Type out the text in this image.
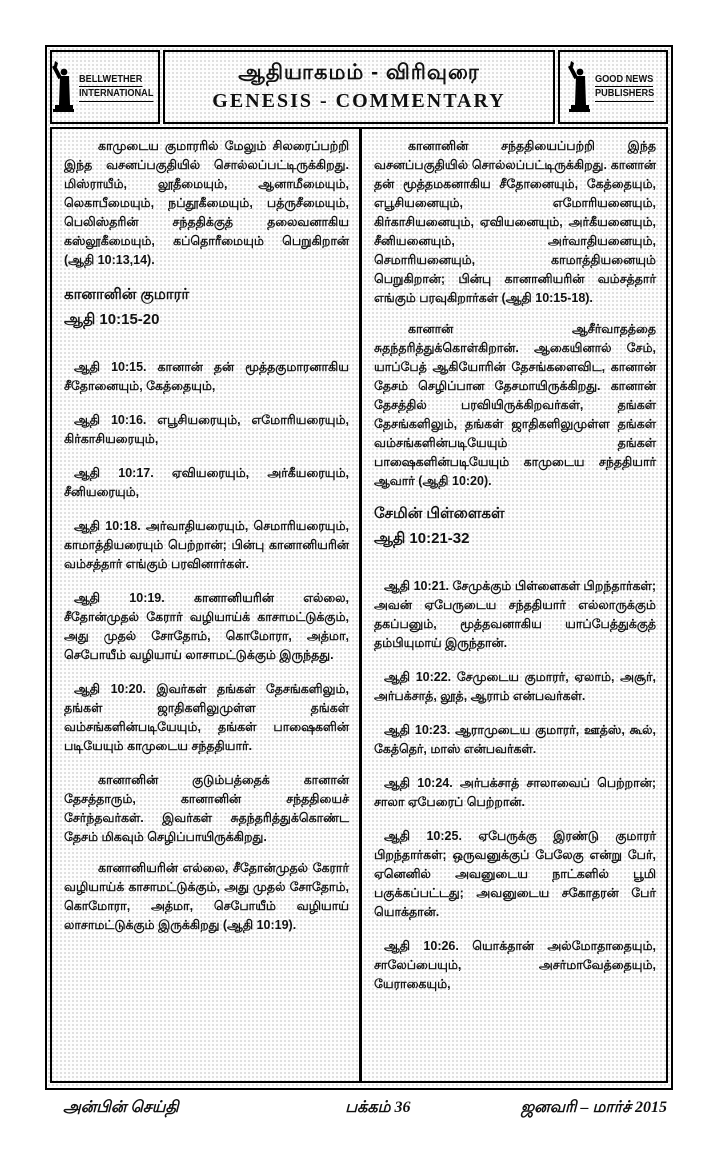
BELLWETHER
INTERNATIONAL
ஆதியாகமம் - விரிவுரை
GENESIS - COMMENTARY
GOOD NEWS
PUBLISHERS

காமுடைய குமாரரில் மேலும் சிலரைப்பற்றி இந்த வசனப்பகுதியில் சொல்லப்பட்டிருக்கிறது. மிஸ்ராயீம், லூதீமையும், ஆனாமீமையும், லெகாபீமையும், நப்தூகீமையும், பத்ருசீமையும், பெலிஸ்தரின் சந்ததிக்குத் தலைவனாகிய கஸ்லூகீமையும், கப்தொரீமையும் பெறுகிறான் (ஆதி 10:13,14).

கானானின் குமாரர்

ஆதி 10:15-20

ஆதி 10:15. கானான் தன் மூத்தகுமாரனாகிய சீதோனையும், கேத்தையும்,

ஆதி 10:16. எபூசியரையும், எமோரியரையும், கிர்காசியரையும்,

ஆதி 10:17. ஏவியரையும், அர்கீயரையும், சீனியரையும்,

ஆதி 10:18. அர்வாதியரையும், செமாரியரையும், காமாத்தியரையும் பெற்றான்; பின்பு கானானியரின் வம்சத்தார் எங்கும் பரவினார்கள்.

ஆதி 10:19. கானானியரின் எல்லை, சீதோன்முதல் கேரார் வழியாய்க் காசாமட்டுக்கும், அது முதல் சோதோம், கொமோரா, அத்மா, செபோயீம் வழியாய் லாசாமட்டுக்கும் இருந்தது.

ஆதி 10:20. இவர்கள் தங்கள் தேசங்களிலும், தங்கள் ஜாதிகளிலுமுள்ள தங்கள் வம்சங்களின்படியேயும், தங்கள் பாஷைகளின் படியேயும் காமுடைய சந்ததியார்.

கானானின் குடும்பத்தைக் கானான் தேசத்தாரும், கானானின் சந்ததியைச் சேர்ந்தவர்கள். இவர்கள் சுதந்தரித்துக்கொண்ட தேசம் மிகவும் செழிப்பாயிருக்கிறது.

கானானியரின் எல்லை, சீதோன்முதல் கேரார் வழியாய்க் காசாமட்டுக்கும், அது முதல் சோதோம், கொமோரா, அத்மா, செபோயீம் வழியாய் லாசாமட்டுக்கும் இருக்கிறது (ஆதி 10:19).

கானானின் சந்ததியைப்பற்றி இந்த வசனப்பகுதியில் சொல்லப்பட்டிருக்கிறது. கானான் தன் மூத்தமகனாகிய சீதோனையும், கேத்தையும், எபூசியனையும், எமோரியனையும், கிர்காசியனையும், ஏவியனையும், அர்கீயனையும், சீனியனையும், அர்வாதியனையும், செமாரியனையும், காமாத்தியனையும் பெறுகிறான்; பின்பு கானானியரின் வம்சத்தார் எங்கும் பரவுகிறார்கள் (ஆதி 10:15-18).

கானான் ஆசீர்வாதத்தை சுதந்தரித்துக்கொள்கிறான். ஆகையினால் சேம், யாப்பேத் ஆகியோரின் தேசங்களைவிட, கானான் தேசம் செழிப்பான தேசமாயிருக்கிறது. கானான் தேசத்தில் பரவியிருக்கிறவர்கள், தங்கள் தேசங்களிலும், தங்கள் ஜாதிகளிலுமுள்ள தங்கள் வம்சங்களின்படியேயும் தங்கள் பாஷைகளின்படியேயும் காமுடைய சந்ததியார் ஆவார் (ஆதி 10:20).

சேமின் பிள்ளைகள்

ஆதி 10:21-32

ஆதி 10:21. சேமுக்கும் பிள்ளைகள் பிறந்தார்கள்; அவன் ஏபேருடைய சந்ததியார் எல்லாருக்கும் தகப்பனும், மூத்தவனாகிய யாப்பேத்துக்குத் தம்பியுமாய் இருந்தான்.

ஆதி 10:22. சேமுடைய குமாரர், ஏலாம், அசூர், அர்பக்சாத், லூத், ஆராம் என்பவர்கள்.

ஆதி 10:23. ஆராமுடைய குமாரர், ஊத்ஸ், கூல், கேத்தெர், மாஸ் என்பவர்கள்.

ஆதி 10:24. அர்பக்சாத் சாலாவைப் பெற்றான்; சாலா ஏபேரைப் பெற்றான்.

ஆதி 10:25. ஏபேருக்கு இரண்டு குமாரர் பிறந்தார்கள்; ஒருவனுக்குப் பேலேகு என்று பேர், ஏனெனில் அவனுடைய நாட்களில் பூமி பகுக்கப்பட்டது; அவனுடைய சகோதரன் பேர் யொக்தான்.

ஆதி 10:26. யொக்தான் அல்மோதாதையும், சாலேப்பையும், அசர்மாவேத்தையும், யேராகையும்,

அன்பின் செய்தி	பக்கம் 36	ஜனவரி – மார்ச் 2015
